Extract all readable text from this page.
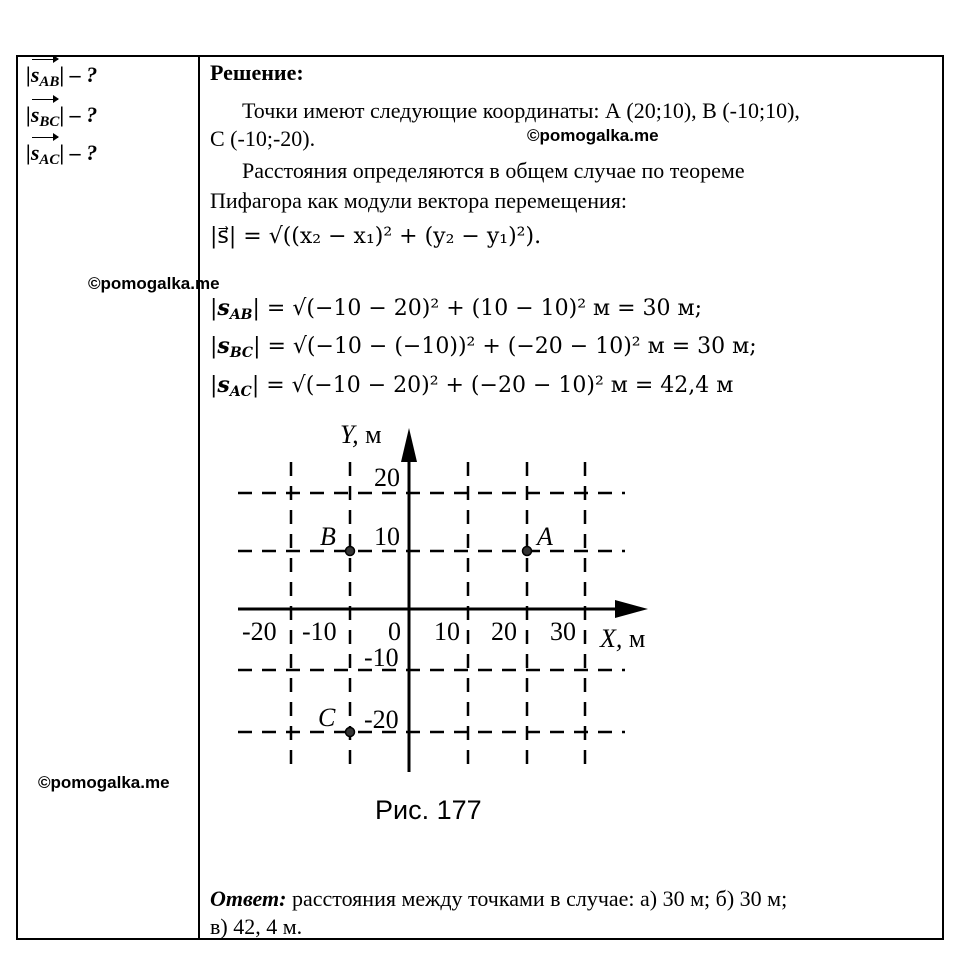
$|s_{AB}|$ – ?
$|s_{BC}|$ – ?
$|s_{AC}|$ – ?
Решение:
Точки имеют следующие координаты: А (20;10), В (-10;10),
С (-10;-20).	©pomogalka.me
Расстояния определяются в общем случае по теореме
Пифагора как модули вектора перемещения:
|s⃗| = √((x₂ − x₁)² + (y₂ − y₁)²).
©pomogalka.me
|sAB| = √(−10 − 20)² + (10 − 10)² м = 30 м;
|sBC| = √(−10 − (−10))² + (−20 − 10)² м = 30 м;
|sAC| = √(−10 − 20)² + (−20 − 10)² м = 42,4 м
Y, м
X, м
-20 -10 0 10 20 30
20
10
-10
-20
A
B
C
©pomogalka.me
Рис. 177
Ответ: расстояния между точками в случае: а) 30 м; б) 30 м;
в) 42, 4 м.
